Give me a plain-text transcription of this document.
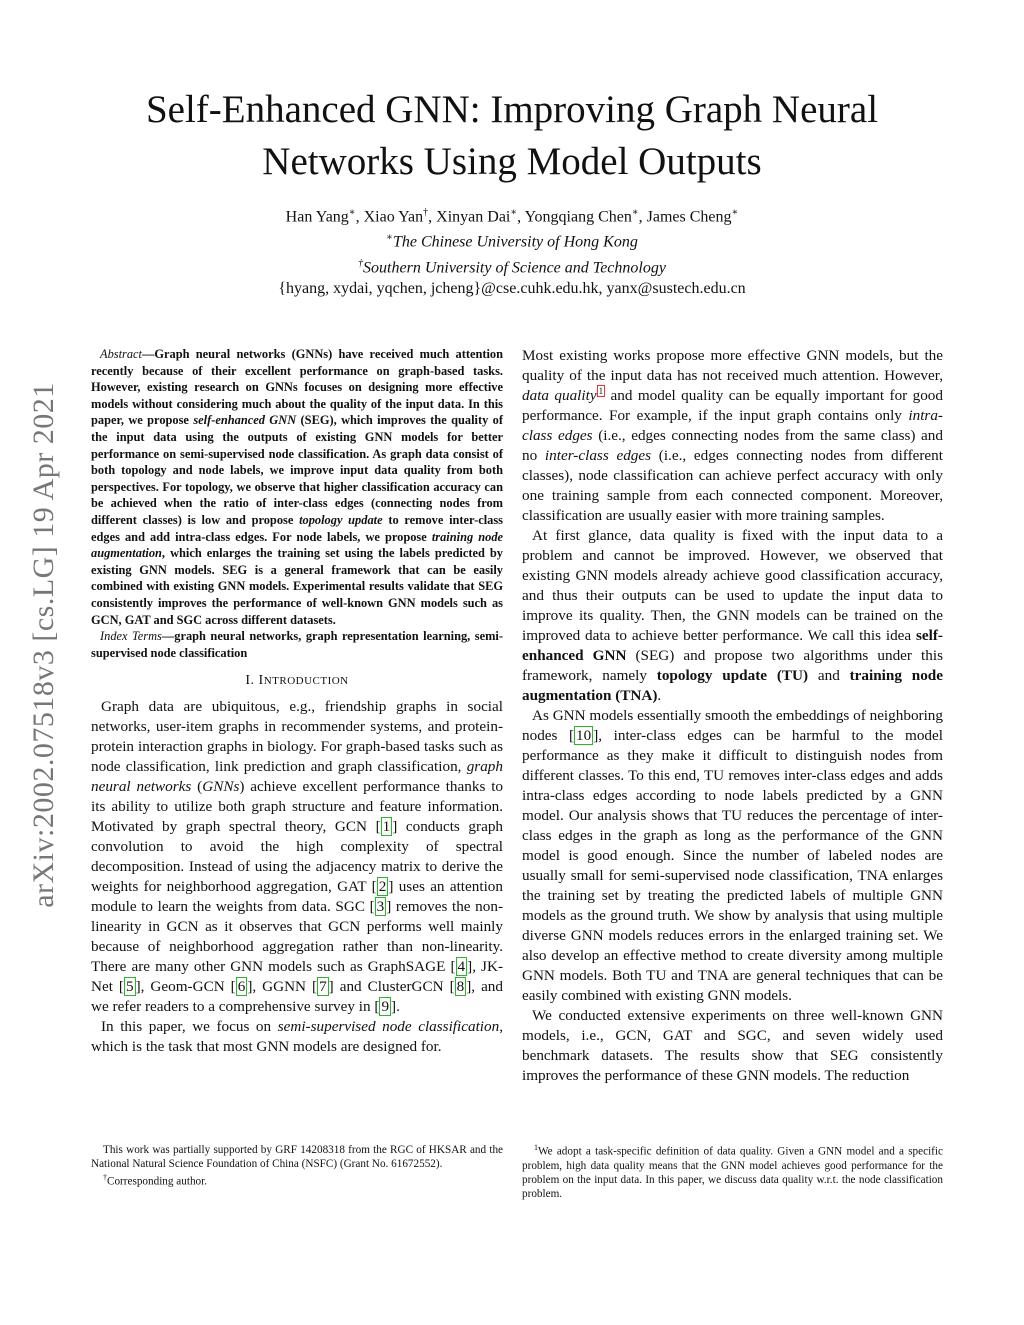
arXiv:2002.07518v3 [cs.LG] 19 Apr 2021
Self-Enhanced GNN: Improving Graph Neural
Networks Using Model Outputs
Han Yang∗, Xiao Yan†, Xinyan Dai∗, Yongqiang Chen∗, James Cheng∗
∗The Chinese University of Hong Kong
†Southern University of Science and Technology
{hyang, xydai, yqchen, jcheng}@cse.cuhk.edu.hk, yanx@sustech.edu.cn

Abstract—Graph neural networks (GNNs) have received much attention recently because of their excellent performance on graph-based tasks. However, existing research on GNNs focuses on designing more effective models without considering much about the quality of the input data. In this paper, we propose self-enhanced GNN (SEG), which improves the quality of the input data using the outputs of existing GNN models for better performance on semi-supervised node classification. As graph data consist of both topology and node labels, we improve input data quality from both perspectives. For topology, we observe that higher classification accuracy can be achieved when the ratio of inter-class edges (connecting nodes from different classes) is low and propose topology update to remove inter-class edges and add intra-class edges. For node labels, we propose training node augmentation, which enlarges the training set using the labels predicted by existing GNN models. SEG is a general framework that can be easily combined with existing GNN models. Experimental results validate that SEG consistently improves the performance of well-known GNN models such as GCN, GAT and SGC across different datasets.

Index Terms—graph neural networks, graph representation learning, semi-supervised node classification

I. INTRODUCTION

Graph data are ubiquitous, e.g., friendship graphs in social networks, user-item graphs in recommender systems, and protein-protein interaction graphs in biology. For graph-based tasks such as node classification, link prediction and graph classification, graph neural networks (GNNs) achieve excellent performance thanks to its ability to utilize both graph structure and feature information. Motivated by graph spectral theory, GCN [ 1 ] conducts graph convolution to avoid the high complexity of spectral decomposition. Instead of using the adjacency matrix to derive the weights for neighborhood aggregation, GAT [ 2 ] uses an attention module to learn the weights from data. SGC [ 3 ] removes the non-linearity in GCN as it observes that GCN performs well mainly because of neighborhood aggregation rather than non-linearity. There are many other GNN models such as GraphSAGE [ 4 ], JK-Net [ 5 ], Geom-GCN [ 6 ], GGNN [ 7 ] and ClusterGCN [ 8 ], and we refer readers to a comprehensive survey in [ 9 ].

In this paper, we focus on semi-supervised node classification, which is the task that most GNN models are designed for.

Most existing works propose more effective GNN models, but the quality of the input data has not received much attention. However, data quality $^1$ and model quality can be equally important for good performance. For example, if the input graph contains only intra-class edges (i.e., edges connecting nodes from the same class) and no inter-class edges (i.e., edges connecting nodes from different classes), node classification can achieve perfect accuracy with only one training sample from each connected component. Moreover, classification are usually easier with more training samples.

At first glance, data quality is fixed with the input data to a problem and cannot be improved. However, we observed that existing GNN models already achieve good classification accuracy, and thus their outputs can be used to update the input data to improve its quality. Then, the GNN models can be trained on the improved data to achieve better performance. We call this idea self-enhanced GNN (SEG) and propose two algorithms under this framework, namely topology update (TU) and training node augmentation (TNA).

As GNN models essentially smooth the embeddings of neighboring nodes [ 10 ], inter-class edges can be harmful to the model performance as they make it difficult to distinguish nodes from different classes. To this end, TU removes inter-class edges and adds intra-class edges according to node labels predicted by a GNN model. Our analysis shows that TU reduces the percentage of inter-class edges in the graph as long as the performance of the GNN model is good enough. Since the number of labeled nodes are usually small for semi-supervised node classification, TNA enlarges the training set by treating the predicted labels of multiple GNN models as the ground truth. We show by analysis that using multiple diverse GNN models reduces errors in the enlarged training set. We also develop an effective method to create diversity among multiple GNN models. Both TU and TNA are general techniques that can be easily combined with existing GNN models.

We conducted extensive experiments on three well-known GNN models, i.e., GCN, GAT and SGC, and seven widely used benchmark datasets. The results show that SEG consistently improves the performance of these GNN models. The reduction

This work was partially supported by GRF 14208318 from the RGC of HKSAR and the National Natural Science Foundation of China (NSFC) (Grant No. 61672552).

†Corresponding author.

$^1$We adopt a task-specific definition of data quality. Given a GNN model and a specific problem, high data quality means that the GNN model achieves good performance for the problem on the input data. In this paper, we discuss data quality w.r.t. the node classification problem.
